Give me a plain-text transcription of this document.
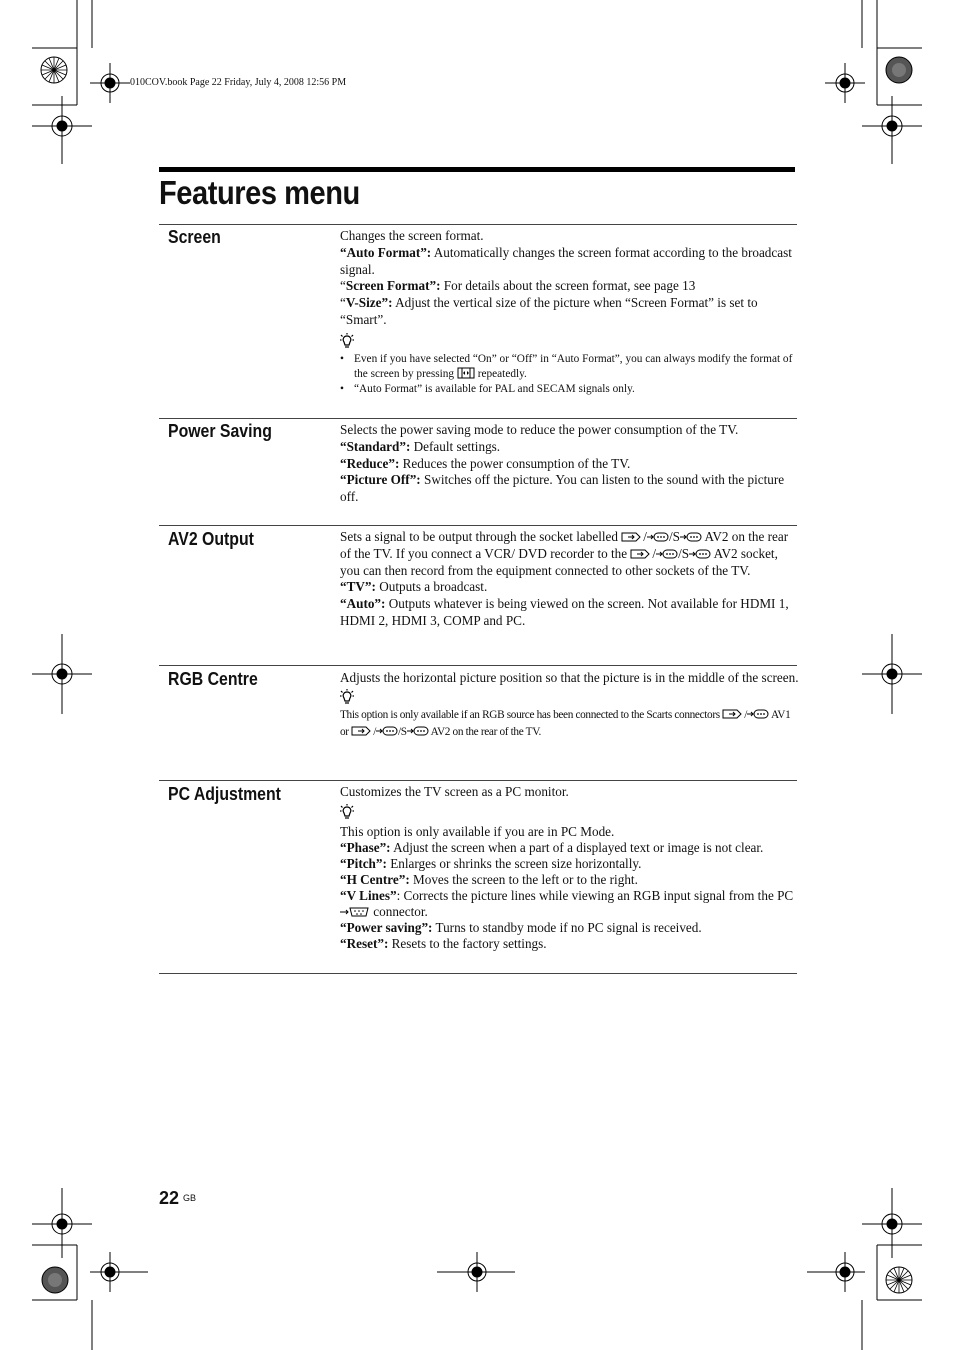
010COV.book Page 22 Friday, July 4, 2008 12:56 PM
Features menu
Screen	Changes the screen format.

“Auto Format”: Automatically changes the screen format according to the broadcast signal.

“Screen Format”: For details about the screen format, see page 13

“V-Size”: Adjust the vertical size of the picture when “Screen Format” is set to “Smart”.

• Even if you have selected “On” or “Off” in “Auto Format”, you can always modify the format of the screen by pressing repeatedly.
• “Auto Format” is available for PAL and SECAM signals only.
Power Saving	Selects the power saving mode to reduce the power consumption of the TV.

“Standard”: Default settings.

“Reduce”: Reduces the power consumption of the TV.

“Picture Off”: Switches off the picture. You can listen to the sound with the picture off.

AV2 Output	Sets a signal to be output through the socket labelled / /S AV2 on the rear of the TV. If you connect a VCR/ DVD recorder to the / /S AV2 socket, you can then record from the equipment connected to other sockets of the TV.

“TV”: Outputs a broadcast.

“Auto”: Outputs whatever is being viewed on the screen. Not available for HDMI 1, HDMI 2, HDMI 3, COMP and PC.

RGB Centre	Adjusts the horizontal picture position so that the picture is in the middle of the screen.

This option is only available if an RGB source has been connected to the Scarts connectors / AV1 or / /S AV2 on the rear of the TV.
PC Adjustment	Customizes the TV screen as a PC monitor.

This option is only available if you are in PC Mode.

“Phase”: Adjust the screen when a part of a displayed text or image is not clear.

“Pitch”: Enlarges or shrinks the screen size horizontally.

“H Centre”: Moves the screen to the left or to the right.

“V Lines”: Corrects the picture lines while viewing an RGB input signal from the PC  connector.

“Power saving”: Turns to standby mode if no PC signal is received.

“Reset”: Resets to the factory settings.

22 GB
